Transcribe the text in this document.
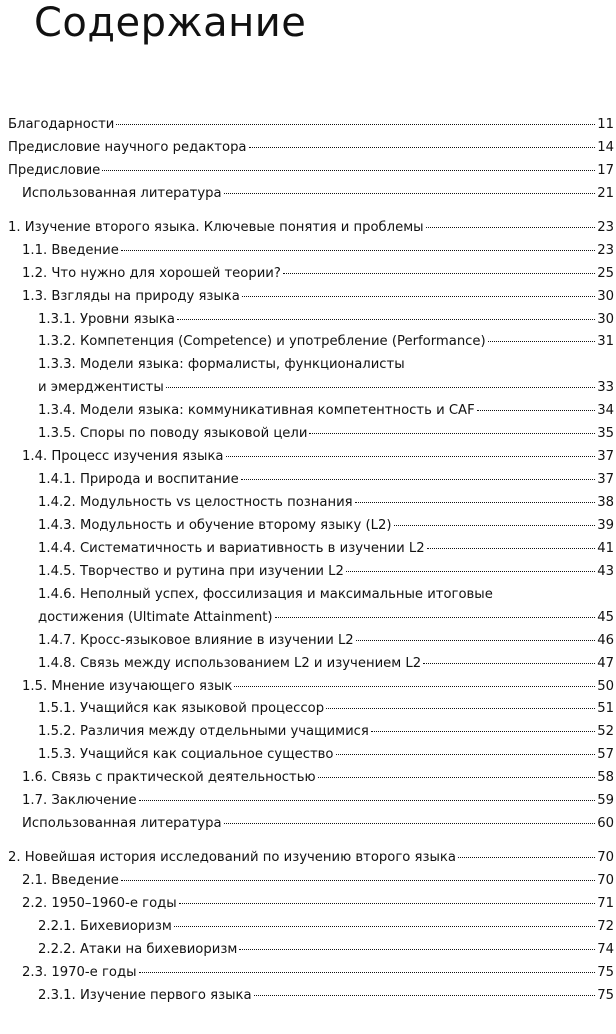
Содержание
Благодарности	11
Предисловие научного редактора	14
Предисловие	17
Использованная литература	21
1. Изучение второго языка. Ключевые понятия и проблемы	23
1.1. Введение	23
1.2. Что нужно для хорошей теории?	25
1.3. Взгляды на природу языка	30
1.3.1. Уровни языка	30
1.3.2. Компетенция (Competence) и употребление (Performance)	31
1.3.3. Модели языка: формалисты, функционалисты
и эмерджентисты	33
1.3.4. Модели языка: коммуникативная компетентность и CAF	34
1.3.5. Споры по поводу языковой цели	35
1.4. Процесс изучения языка	37
1.4.1. Природа и воспитание	37
1.4.2. Модульность vs целостность познания	38
1.4.3. Модульность и обучение второму языку (L2)	39
1.4.4. Систематичность и вариативность в изучении L2	41
1.4.5. Творчество и рутина при изучении L2	43
1.4.6. Неполный успех, фоссилизация и максимальные итоговые
достижения (Ultimate Attainment)	45
1.4.7. Кросс-языковое влияние в изучении L2	46
1.4.8. Связь между использованием L2 и изучением L2	47
1.5. Мнение изучающего язык	50
1.5.1. Учащийся как языковой процессор	51
1.5.2. Различия между отдельными учащимися	52
1.5.3. Учащийся как социальное существо	57
1.6. Связь с практической деятельностью	58
1.7. Заключение	59
Использованная литература	60
2. Новейшая история исследований по изучению второго языка	70
2.1. Введение	70
2.2. 1950–1960-е годы	71
2.2.1. Бихевиоризм	72
2.2.2. Атаки на бихевиоризм	74
2.3. 1970-е годы	75
2.3.1. Изучение первого языка	75
